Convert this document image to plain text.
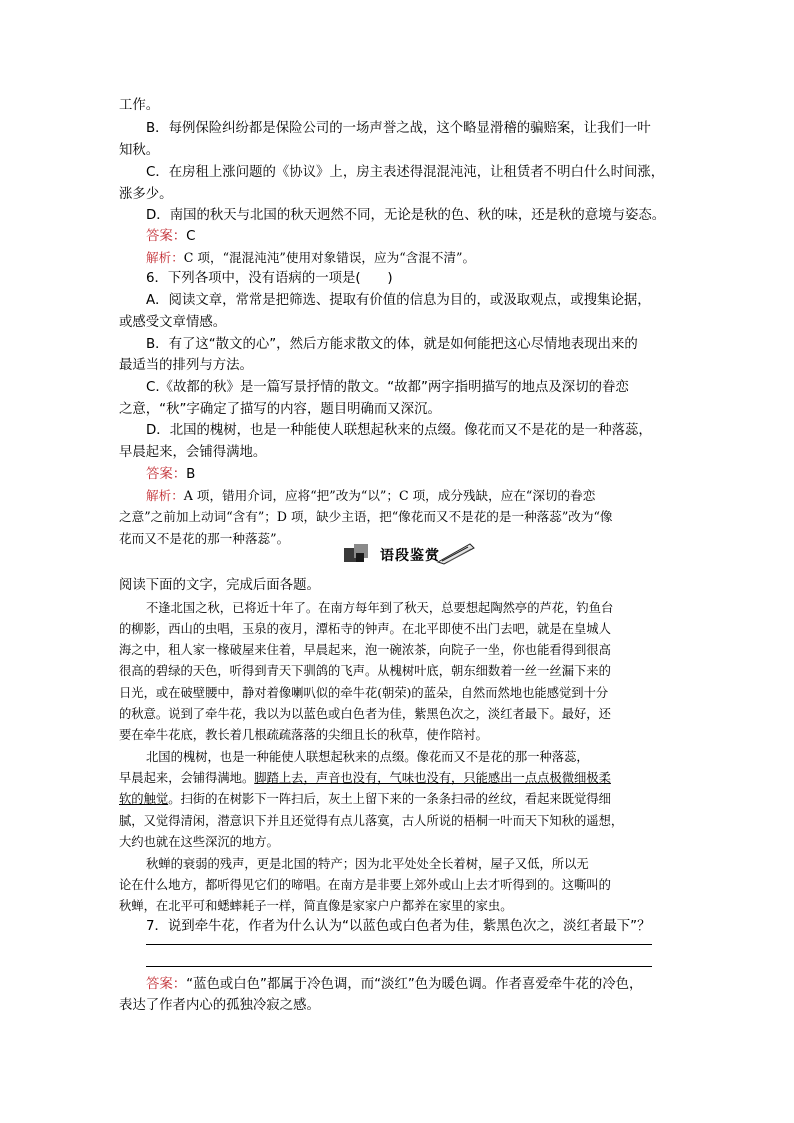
工作。
B．每例保险纠纷都是保险公司的一场声誉之战，这个略显滑稽的骗赔案，让我们一叶
知秋。
C．在房租上涨问题的《协议》上，房主表述得混混沌沌，让租赁者不明白什么时间涨，
涨多少。
D．南国的秋天与北国的秋天迥然不同，无论是秋的色、秋的味，还是秋的意境与姿态。
答案：C
解析：C 项，“混混沌沌”使用对象错误，应为“含混不清”。
6．下列各项中，没有语病的一项是(　　)
A．阅读文章，常常是把筛选、提取有价值的信息为目的，或汲取观点，或搜集论据，
或感受文章情感。
B．有了这“散文的心”，然后方能求散文的体，就是如何能把这心尽情地表现出来的
最适当的排列与方法。
C.《故都的秋》是一篇写景抒情的散文。“故都”两字指明描写的地点及深切的眷恋
之意，“秋”字确定了描写的内容，题目明确而又深沉。
D．北国的槐树，也是一种能使人联想起秋来的点缀。像花而又不是花的是一种落蕊，
早晨起来，会铺得满地。
答案：B
解析：A 项，错用介词，应将“把”改为“以”；C 项，成分残缺，应在“深切的眷恋
之意”之前加上动词“含有”；D 项，缺少主语，把“像花而又不是花的是一种落蕊”改为“像
花而又不是花的那一种落蕊”。
语段鉴赏
阅读下面的文字，完成后面各题。
不逢北国之秋，已将近十年了。在南方每年到了秋天，总要想起陶然亭的芦花，钓鱼台
的柳影，西山的虫唱，玉泉的夜月，潭柘寺的钟声。在北平即使不出门去吧，就是在皇城人
海之中，租人家一椽破屋来住着，早晨起来，泡一碗浓茶，向院子一坐，你也能看得到很高
很高的碧绿的天色，听得到青天下驯鸽的飞声。从槐树叶底，朝东细数着一丝一丝漏下来的
日光，或在破壁腰中，静对着像喇叭似的牵牛花(朝荣)的蓝朵，自然而然地也能感觉到十分
的秋意。说到了牵牛花，我以为以蓝色或白色者为佳，紫黑色次之，淡红者最下。最好，还
要在牵牛花底，教长着几根疏疏落落的尖细且长的秋草，使作陪衬。
北国的槐树，也是一种能使人联想起秋来的点缀。像花而又不是花的那一种落蕊，
早晨起来，会铺得满地。脚踏上去，声音也没有，气味也没有，只能感出一点点极微细极柔
软的触觉。扫街的在树影下一阵扫后，灰土上留下来的一条条扫帚的丝纹，看起来既觉得细
腻，又觉得清闲，潜意识下并且还觉得有点儿落寞，古人所说的梧桐一叶而天下知秋的遥想，
大约也就在这些深沉的地方。
秋蝉的衰弱的残声，更是北国的特产；因为北平处处全长着树，屋子又低，所以无
论在什么地方，都听得见它们的啼唱。在南方是非要上郊外或山上去才听得到的。这嘶叫的
秋蝉，在北平可和蟋蟀耗子一样，简直像是家家户户都养在家里的家虫。
7．说到牵牛花，作者为什么认为“以蓝色或白色者为佳，紫黑色次之，淡红者最下”？
答案：“蓝色或白色”都属于冷色调，而“淡红”色为暖色调。作者喜爱牵牛花的冷色，
表达了作者内心的孤独冷寂之感。
